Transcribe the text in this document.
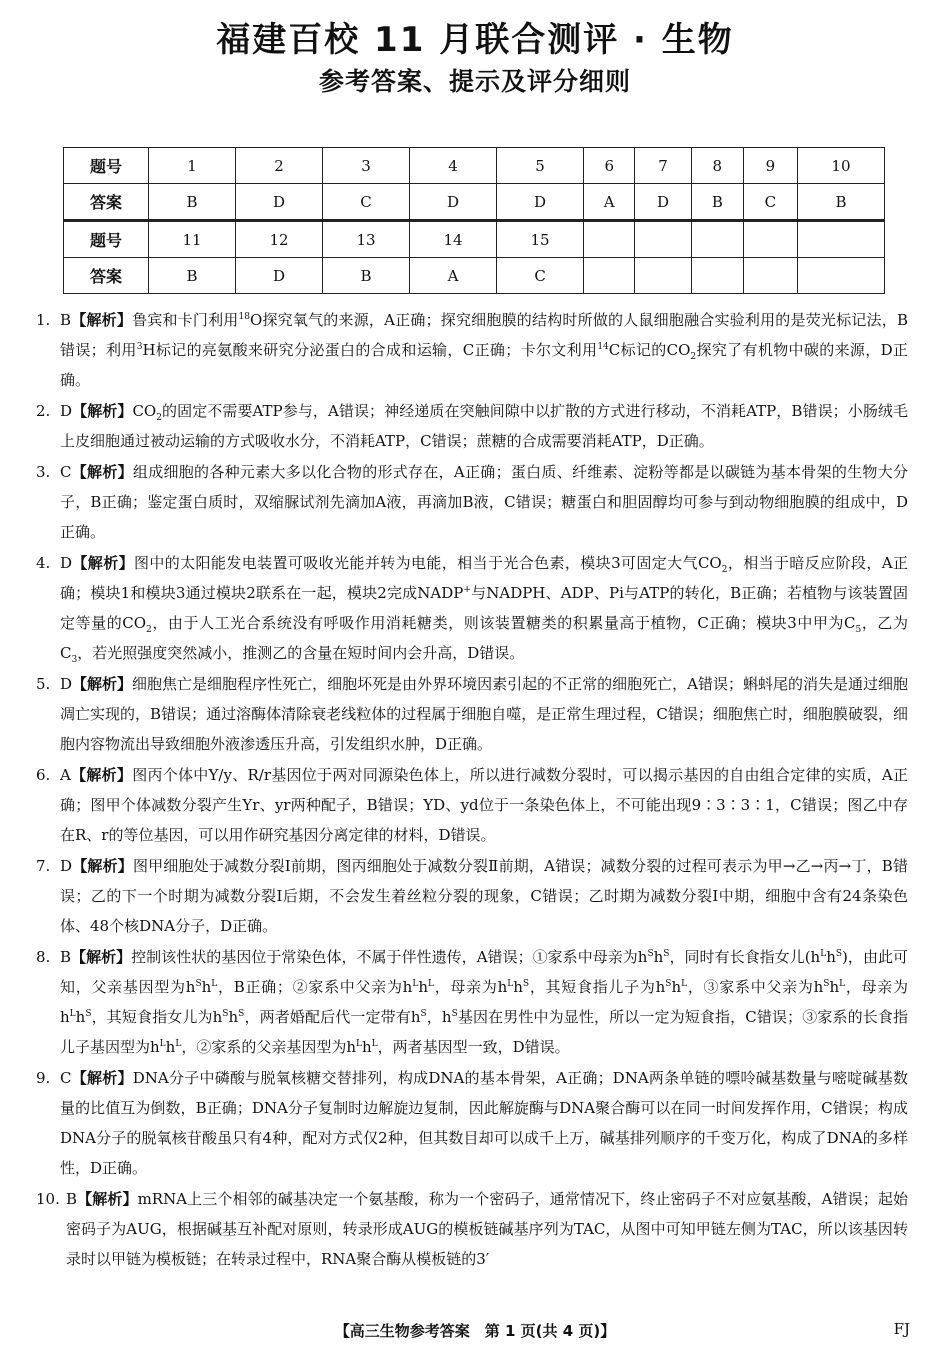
福建百校 11 月联合测评 · 生物
参考答案、提示及评分细则
题号	1	2	3	4	5	6	7	8	9	10
答案	B	D	C	D	D	A	D	B	C	B
题号	11	12	13	14	15					
答案	B	D	B	A	C					
1. B【解析】鲁宾和卡门利用$^{18}$O探究氧气的来源，A正确；探究细胞膜的结构时所做的人鼠细胞融合实验利用的是荧光标记法，B错误；利用$^3$H标记的亮氨酸来研究分泌蛋白的合成和运输，C正确；卡尔文利用$^{14}$C标记的$CO_2$探究了有机物中碳的来源，D正确。
2. D【解析】$CO_2$的固定不需要ATP参与，A错误；神经递质在突触间隙中以扩散的方式进行移动，不消耗ATP，B错误；小肠绒毛上皮细胞通过被动运输的方式吸收水分，不消耗ATP，C错误；蔗糖的合成需要消耗ATP，D正确。
3. C【解析】组成细胞的各种元素大多以化合物的形式存在，A正确；蛋白质、纤维素、淀粉等都是以碳链为基本骨架的生物大分子，B正确；鉴定蛋白质时，双缩脲试剂先滴加A液，再滴加B液，C错误；糖蛋白和胆固醇均可参与到动物细胞膜的组成中，D正确。
4. D【解析】图中的太阳能发电装置可吸收光能并转为电能，相当于光合色素，模块3可固定大气$CO_2$，相当于暗反应阶段，A正确；模块1和模块3通过模块2联系在一起，模块2完成NADP+与NADPH、ADP、Pi与ATP的转化，B正确；若植物与该装置固定等量的$CO_2$，由于人工光合系统没有呼吸作用消耗糖类，则该装置糖类的积累量高于植物，C正确；模块3中甲为$C_5$，乙为$C_3$，若光照强度突然减小，推测乙的含量在短时间内会升高，D错误。
5. D【解析】细胞焦亡是细胞程序性死亡，细胞坏死是由外界环境因素引起的不正常的细胞死亡，A错误；蝌蚪尾的消失是通过细胞凋亡实现的，B错误；通过溶酶体清除衰老线粒体的过程属于细胞自噬，是正常生理过程，C错误；细胞焦亡时，细胞膜破裂，细胞内容物流出导致细胞外液渗透压升高，引发组织水肿，D正确。
6. A【解析】图丙个体中Y/y、R/r基因位于两对同源染色体上，所以进行减数分裂时，可以揭示基因的自由组合定律的实质，A正确；图甲个体减数分裂产生Yr、yr两种配子，B错误；YD、yd位于一条染色体上，不可能出现9∶3∶3∶1，C错误；图乙中存在R、r的等位基因，可以用作研究基因分离定律的材料，D错误。
7. D【解析】图甲细胞处于减数分裂Ⅰ前期，图丙细胞处于减数分裂Ⅱ前期，A错误；减数分裂的过程可表示为甲→乙→丙→丁，B错误；乙的下一个时期为减数分裂Ⅰ后期，不会发生着丝粒分裂的现象，C错误；乙时期为减数分裂Ⅰ中期，细胞中含有24条染色体、48个核DNA分子，D正确。
8. B【解析】控制该性状的基因位于常染色体，不属于伴性遗传，A错误；①家系中母亲为$h^Sh^S$，同时有长食指女儿$(h^Lh^S)$，由此可知，父亲基因型为$h^Sh^L$，B正确；②家系中父亲为$h^Lh^L$，母亲为$h^Lh^S$，其短食指儿子为$h^Sh^L$，③家系中父亲为$h^Sh^L$，母亲为$h^Lh^S$，其短食指女儿为$h^Sh^S$，两者婚配后代一定带有$h^S$，$h^S$基因在男性中为显性，所以一定为短食指，C错误；③家系的长食指儿子基因型为$h^Lh^L$，②家系的父亲基因型为$h^Lh^L$，两者基因型一致，D错误。
9. C【解析】DNA分子中磷酸与脱氧核糖交替排列，构成DNA的基本骨架，A正确；DNA两条单链的嘌呤碱基数量与嘧啶碱基数量的比值互为倒数，B正确；DNA分子复制时边解旋边复制，因此解旋酶与DNA聚合酶可以在同一时间发挥作用，C错误；构成DNA分子的脱氧核苷酸虽只有4种，配对方式仅2种，但其数目却可以成千上万，碱基排列顺序的千变万化，构成了DNA的多样性，D正确。
10. B【解析】mRNA上三个相邻的碱基决定一个氨基酸，称为一个密码子，通常情况下，终止密码子不对应氨基酸，A错误；起始密码子为AUG，根据碱基互补配对原则，转录形成AUG的模板链碱基序列为TAC，从图中可知甲链左侧为TAC，所以该基因转录时以甲链为模板链；在转录过程中，RNA聚合酶从模板链的3′
【高三生物参考答案　第 1 页(共 4 页)】	FJ
